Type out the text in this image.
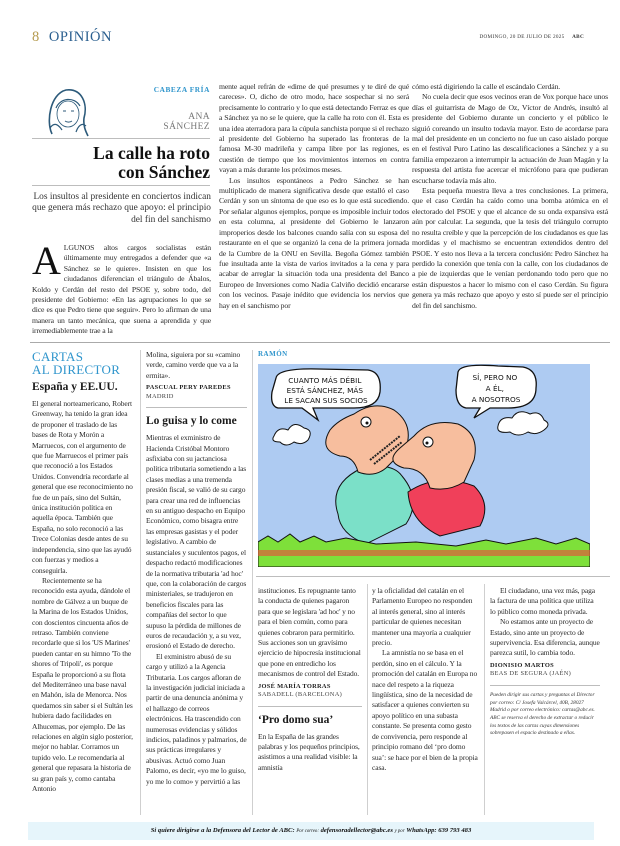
8 OPINIÓN	DOMINGO, 20 DE JULIO DE 2025 ABC
CABEZA FRÍA
ANA
SÁNCHEZ
La calle ha roto
con Sánchez
Los insultos al presidente en conciertos indican que genera más rechazo que apoyo: el principio del fin del sanchismo
A LGUNOS altos cargos socialistas están últimamente muy entregados a defender que «a Sánchez se le quiere». Insisten en que los ciudadanos diferencian el triángulo de Ábalos, Koldo y Cerdán del resto del PSOE y, sobre todo, del presidente del Gobierno: «En las agrupaciones lo que se dice es que Pedro tiene que seguir». Pero lo afirman de una manera un tanto mecánica, que suena a aprendida y que irremediablemente trae a la

mente aquel refrán de «dime de qué presumes y te diré de qué careces». O, dicho de otro modo, hace sospechar si no será precisamente lo contrario y lo que está detectando Ferraz es que a Sánchez ya no se le quiere, que la calle ha roto con él. Esta es una idea aterradora para la cúpula sanchista porque si el rechazo al presidente del Gobierno ha superado las fronteras de la famosa M-30 madrileña y campa libre por las regiones, es cuestión de tiempo que los movimientos internos en contra vayan a más durante los próximos meses.

Los insultos espontáneos a Pedro Sánchez se han multiplicado de manera significativa desde que estalló el caso Cerdán y son un síntoma de que eso es lo que está sucediendo. Por señalar algunos ejemplos, porque es imposible incluir todos en esta columna, al presidente del Gobierno le lanzaron improperios desde los balcones cuando salía con su esposa del restaurante en el que se organizó la cena de la primera jornada de la Cumbre de la ONU en Sevilla. Begoña Gómez también fue insultada ante la vista de varios invitados a la cena y para acabar de arreglar la situación toda una presidenta del Banco Europeo de Inversiones como Nadia Calviño decidió encararse con los vecinos. Pasaje inédito que evidencia los nervios que hay en el sanchismo por

cómo está digiriendo la calle el escándalo Cerdán.

No cuela decir que esos vecinos eran de Vox porque hace unos días el guitarrista de Mago de Oz, Víctor de Andrés, insultó al presidente del Gobierno durante un concierto y el público le siguió coreando un insulto todavía mayor. Esto de acordarse para mal del presidente en un concierto no fue un caso aislado porque en el festival Puro Latino las descalificaciones a Sánchez y a su familia empezaron a interrumpir la actuación de Juan Magán y la respuesta del artista fue acercar el micrófono para que pudieran escucharse todavía más alto.

Esta pequeña muestra lleva a tres conclusiones. La primera, que el caso Cerdán ha caído como una bomba atómica en el electorado del PSOE y que el alcance de su onda expansiva está aún por calcular. La segunda, que la tesis del triángulo corrupto no resulta creíble y que la percepción de los ciudadanos es que las mordidas y el machismo se encuentran extendidos dentro del PSOE. Y esto nos lleva a la tercera conclusión: Pedro Sánchez ha perdido la conexión que tenía con la calle, con los ciudadanos de a pie de izquierdas que le venían perdonando todo pero que no están dispuestos a hacer lo mismo con el caso Cerdán. Su figura genera ya más rechazo que apoyo y esto sí puede ser el principio del fin del sanchismo.

CARTAS
AL DIRECTOR
España y EE.UU.

El general norteamericano, Robert Greenway, ha tenido la gran idea de proponer el traslado de las bases de Rota y Morón a Marruecos, con el argumento de que fue Marruecos el primer país que reconoció a los Estados Unidos. Convendría recordarle al general que ese reconocimiento no fue de un país, sino del Sultán, única institución política en aquella época. También que España, no solo reconoció a las Trece Colonias desde antes de su independencia, sino que las ayudó con fuerzas y medios a conseguirla.

Recientemente se ha reconocido esta ayuda, dándole el nombre de Gálvez a un buque de la Marina de los Estados Unidos, con doscientos cincuenta años de retraso. También conviene recordarle que si los 'US Marines' pueden cantar en su himno 'To the shores of Tripoli', es porque España le proporcionó a su flota del Mediterráneo una base naval en Mahón, isla de Menorca. Nos quedamos sin saber si el Sultán les hubiera dado facilidades en Alhucemas, por ejemplo. De las relaciones en algún siglo posterior, mejor no hablar. Corramos un tupido velo. Le recomendaría al general que repasara la historia de su gran país y, como cantaba Antonio

Molina, siguiera por su «camino verde, camino verde que va a la ermita».

PASCUAL PERY PAREDES
MADRID
Lo guisa y lo come

Mientras el exministro de Hacienda Cristóbal Montoro asfixiaba con su jactanciosa política tributaria sometiendo a las clases medias a una tremenda presión fiscal, se valió de su cargo para crear una red de influencias en su antiguo despacho en Equipo Económico, como bisagra entre las empresas gasistas y el poder legislativo. A cambio de sustanciales y suculentos pagos, el despacho redactó modificaciones de la normativa tributaria 'ad hoc' que, con la colaboración de cargos ministeriales, se tradujeron en beneficios fiscales para las compañías del sector lo que supuso la pérdida de millones de euros de recaudación y, a su vez, erosionó el Estado de derecho.

El exministro abusó de su cargo y utilizó a la Agencia Tributaria. Los cargos afloran de la investigación judicial iniciada a partir de una denuncia anónima y el hallazgo de correos electrónicos. Ha trascendido con numerosas evidencias y sólidos indicios, paladinos y palmarios, de sus prácticas irregulares y abusivas. Actuó como Juan Palomo, es decir, «yo me lo guiso, yo me lo como» y pervirtió a las

RAMÓN
CUANTO MÁS DÉBIL ESTÁ SÁNCHEZ, MÁS LE SACAN SUS SOCIOS
SÍ, PERO NO A ÉL, A NOSOTROS

instituciones. Es repugnante tanto la conducta de quienes pagaron para que se legislara 'ad hoc' y no para el bien común, como para quienes cobraron para permitirlo. Sus acciones son un gravísimo ejercicio de hipocresía institucional que pone en entredicho los mecanismos de control del Estado.

JOSÉ MARÍA TORRAS
SABADELL (BARCELONA)
‘Pro domo sua’

En la España de las grandes palabras y los pequeños principios, asistimos a una realidad visible: la amnistía

y la oficialidad del catalán en el Parlamento Europeo no responden al interés general, sino al interés particular de quienes necesitan mantener una mayoría a cualquier precio.

La amnistía no se basa en el perdón, sino en el cálculo. Y la promoción del catalán en Europa no nace del respeto a la riqueza lingüística, sino de la necesidad de satisfacer a quienes convierten su apoyo político en una subasta constante. Se presenta como gesto de convivencia, pero responde al principio romano del ‘pro domo sua’: se hace por el bien de la propia casa.

El ciudadano, una vez más, paga la factura de una política que utiliza lo público como moneda privada.

No estamos ante un proyecto de Estado, sino ante un proyecto de supervivencia. Esa diferencia, aunque parezca sutil, lo cambia todo.

DIONISIO MARTOS
BEAS DE SEGURA (JAÉN)
Pueden dirigir sus cartas y preguntas al Director por correo: C/ Josefa Valcárcel, 40B, 28027 Madrid o por correo electrónico: cartas@abc.es. ABC se reserva el derecho de extractar o reducir los textos de las cartas cuyas dimensiones sobrepasen el espacio destinado a ellas.
Si quiere dirigirse a la Defensora del Lector de ABC: Por correo: defensoradellector@abc.es y por WhatsApp: 639 793 483
